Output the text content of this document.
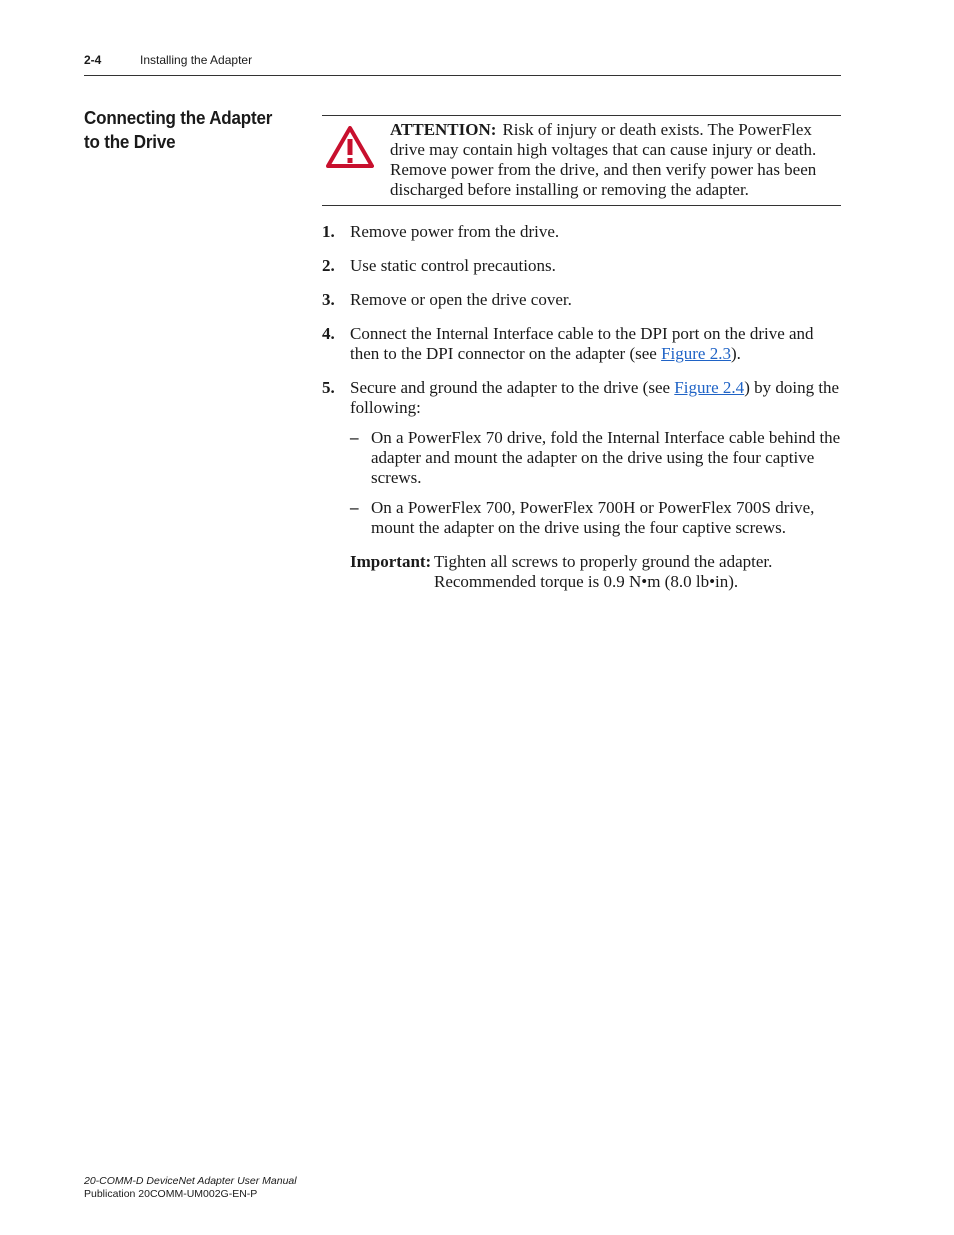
2-4	Installing the Adapter
Connecting the Adapter to the Drive
ATTENTION: Risk of injury or death exists. The PowerFlex drive may contain high voltages that can cause injury or death. Remove power from the drive, and then verify power has been discharged before installing or removing the adapter.
1. Remove power from the drive.
2. Use static control precautions.
3. Remove or open the drive cover.
4. Connect the Internal Interface cable to the DPI port on the drive and then to the DPI connector on the adapter (see Figure 2.3).
5. Secure and ground the adapter to the drive (see Figure 2.4) by doing the following:
– On a PowerFlex 70 drive, fold the Internal Interface cable behind the adapter and mount the adapter on the drive using the four captive screws.
– On a PowerFlex 700, PowerFlex 700H or PowerFlex 700S drive, mount the adapter on the drive using the four captive screws.
Important: Tighten all screws to properly ground the adapter. Recommended torque is 0.9 N•m (8.0 lb•in).
20-COMM-D DeviceNet Adapter User Manual
Publication 20COMM-UM002G-EN-P
